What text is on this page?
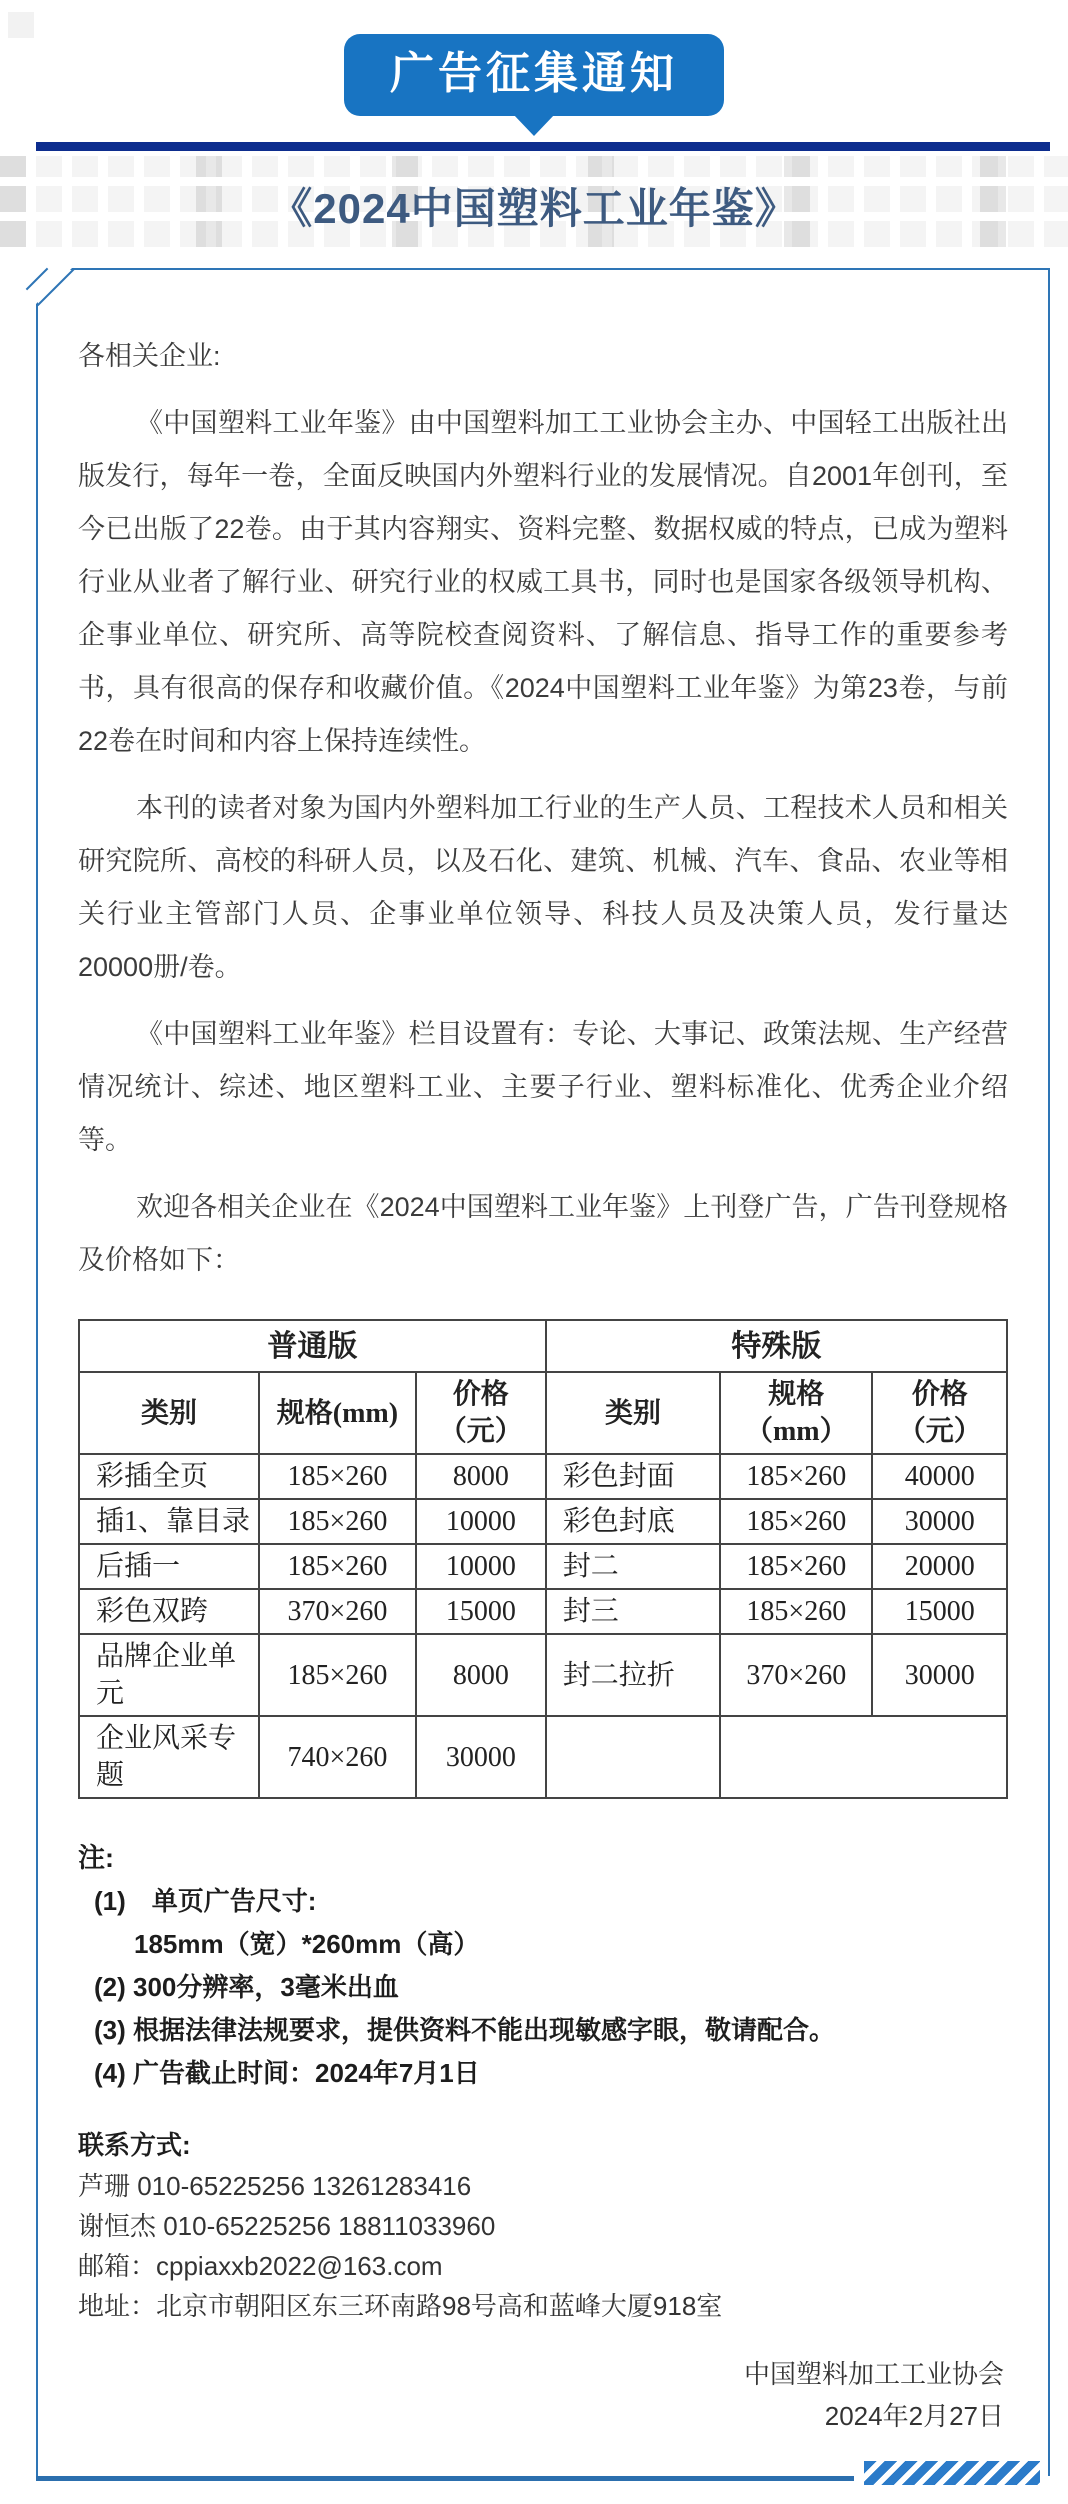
广告征集通知
《2024中国塑料工业年鉴》
各相关企业:

《中国塑料工业年鉴》由中国塑料加工工业协会主办、中国轻工出版社出版发行，每年一卷，全面反映国内外塑料行业的发展情况。自2001年创刊，至今已出版了22卷。由于其内容翔实、资料完整、数据权威的特点，已成为塑料行业从业者了解行业、研究行业的权威工具书，同时也是国家各级领导机构、企事业单位、研究所、高等院校查阅资料、了解信息、指导工作的重要参考书，具有很高的保存和收藏价值。《2024中国塑料工业年鉴》为第23卷，与前22卷在时间和内容上保持连续性。

本刊的读者对象为国内外塑料加工行业的生产人员、工程技术人员和相关研究院所、高校的科研人员，以及石化、建筑、机械、汽车、食品、农业等相关行业主管部门人员、企事业单位领导、科技人员及决策人员，发行量达20000册/卷。

《中国塑料工业年鉴》栏目设置有：专论、大事记、政策法规、生产经营情况统计、综述、地区塑料工业、主要子行业、塑料标准化、优秀企业介绍等。

欢迎各相关企业在《2024中国塑料工业年鉴》上刊登广告，广告刊登规格及价格如下：

普通版			特殊版		
类别	规格(mm)	价格（元）	类别	规格（mm）	价格（元）
彩插全页	185×260	8000	彩色封面	185×260	40000
插1、靠目录	185×260	10000	彩色封底	185×260	30000
后插一	185×260	10000	封二	185×260	20000
彩色双跨	370×260	15000	封三	185×260	15000
品牌企业单元	185×260	8000	封二拉折	370×260	30000
企业风采专题	740×260	30000			
注:
(1)　单页广告尺寸:
185mm（宽）*260mm（高）
(2) 300分辨率，3毫米出血
(3) 根据法律法规要求，提供资料不能出现敏感字眼，敬请配合。
(4) 广告截止时间：2024年7月1日
联系方式:
芦珊 010-65225256 13261283416
谢恒杰 010-65225256 18811033960
邮箱：cppiaxxb2022@163.com
地址：北京市朝阳区东三环南路98号高和蓝峰大厦918室
中国塑料加工工业协会
2024年2月27日
